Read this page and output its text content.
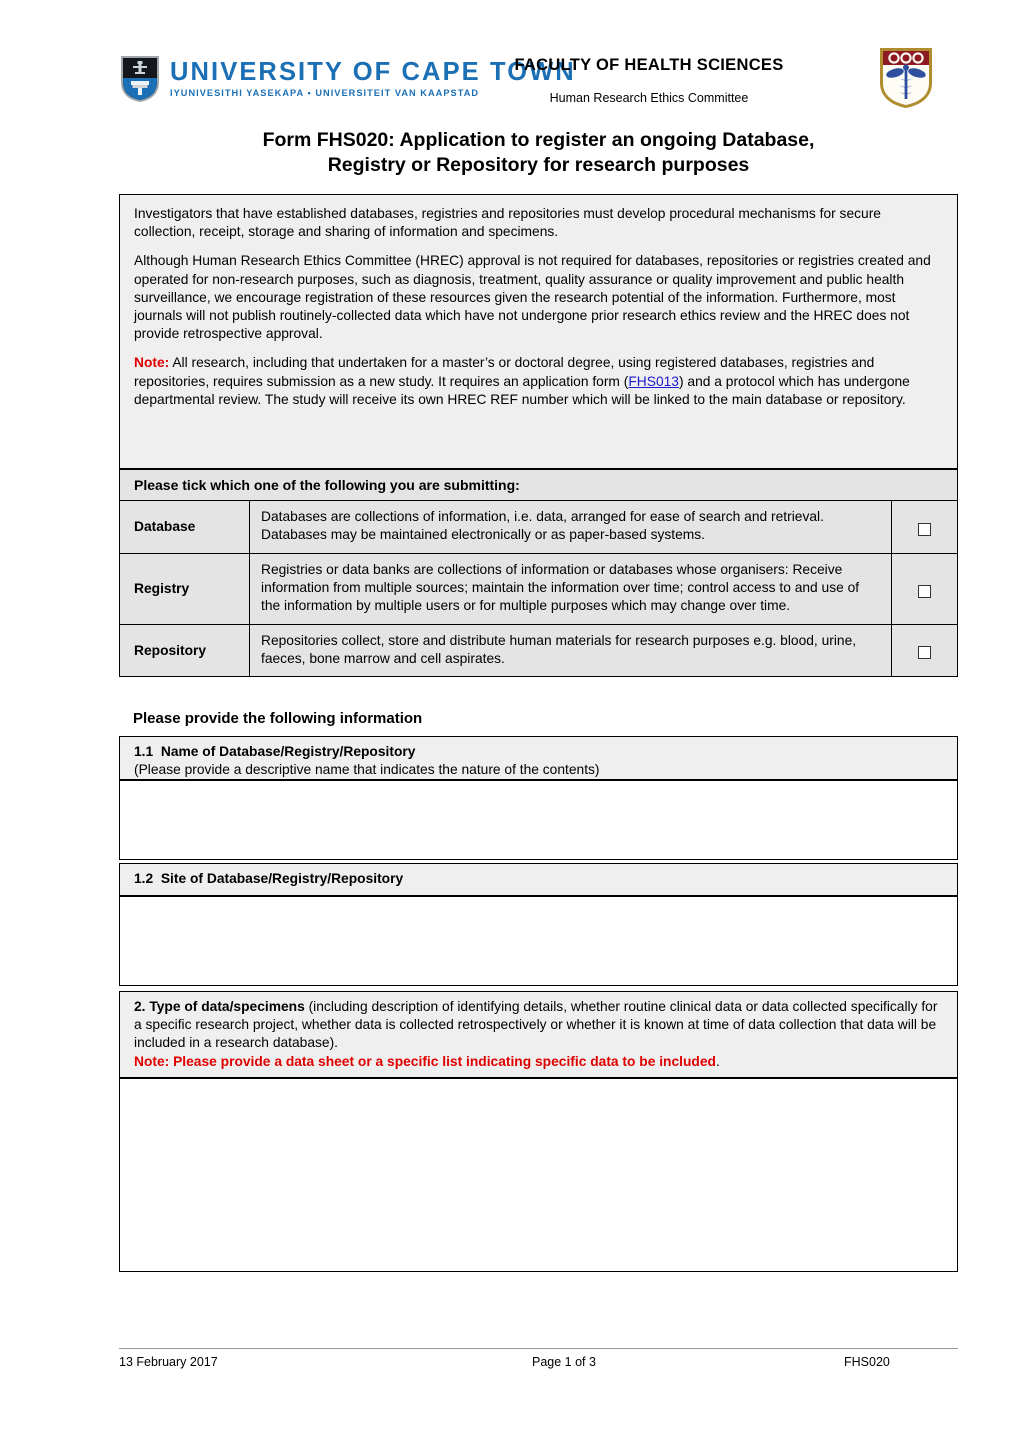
UNIVERSITY OF CAPE TOWN
IYUNIVESITHI YASEKAPA • UNIVERSITEIT VAN KAAPSTAD
FACULTY OF HEALTH SCIENCES
Human Research Ethics Committee
Form FHS020: Application to register an ongoing Database,
Registry or Repository for research purposes

Investigators that have established databases, registries and repositories must develop procedural mechanisms for secure collection, receipt, storage and sharing of information and specimens.

Although Human Research Ethics Committee (HREC) approval is not required for databases, repositories or registries created and operated for non-research purposes, such as diagnosis, treatment, quality assurance or quality improvement and public health surveillance, we encourage registration of these resources given the research potential of the information. Furthermore, most journals will not publish routinely-collected data which have not undergone prior research ethics review and the HREC does not provide retrospective approval.

Note: All research, including that undertaken for a master’s or doctoral degree, using registered databases, registries and repositories, requires submission as a new study. It requires an application form (FHS013) and a protocol which has undergone departmental review. The study will receive its own HREC REF number which will be linked to the main database or repository.

Please tick which one of the following you are submitting:		
Database	Databases are collections of information, i.e. data, arranged for ease of search and retrieval. Databases may be maintained electronically or as paper-based systems.	
Registry	Registries or data banks are collections of information or databases whose organisers: Receive information from multiple sources; maintain the information over time; control access to and use of the information by multiple users or for multiple purposes which may change over time.	
Repository	Repositories collect, store and distribute human materials for research purposes e.g. blood, urine, faeces, bone marrow and cell aspirates.	
Please provide the following information
1.1 Name of Database/Registry/Repository
(Please provide a descriptive name that indicates the nature of the contents)
1.2 Site of Database/Registry/Repository
2. Type of data/specimens (including description of identifying details, whether routine clinical data or data collected specifically for a specific research project, whether data is collected retrospectively or whether it is known at time of data collection that data will be included in a research database).
Note: Please provide a data sheet or a specific list indicating specific data to be included.
13 February 2017	Page 1 of 3	FHS020
